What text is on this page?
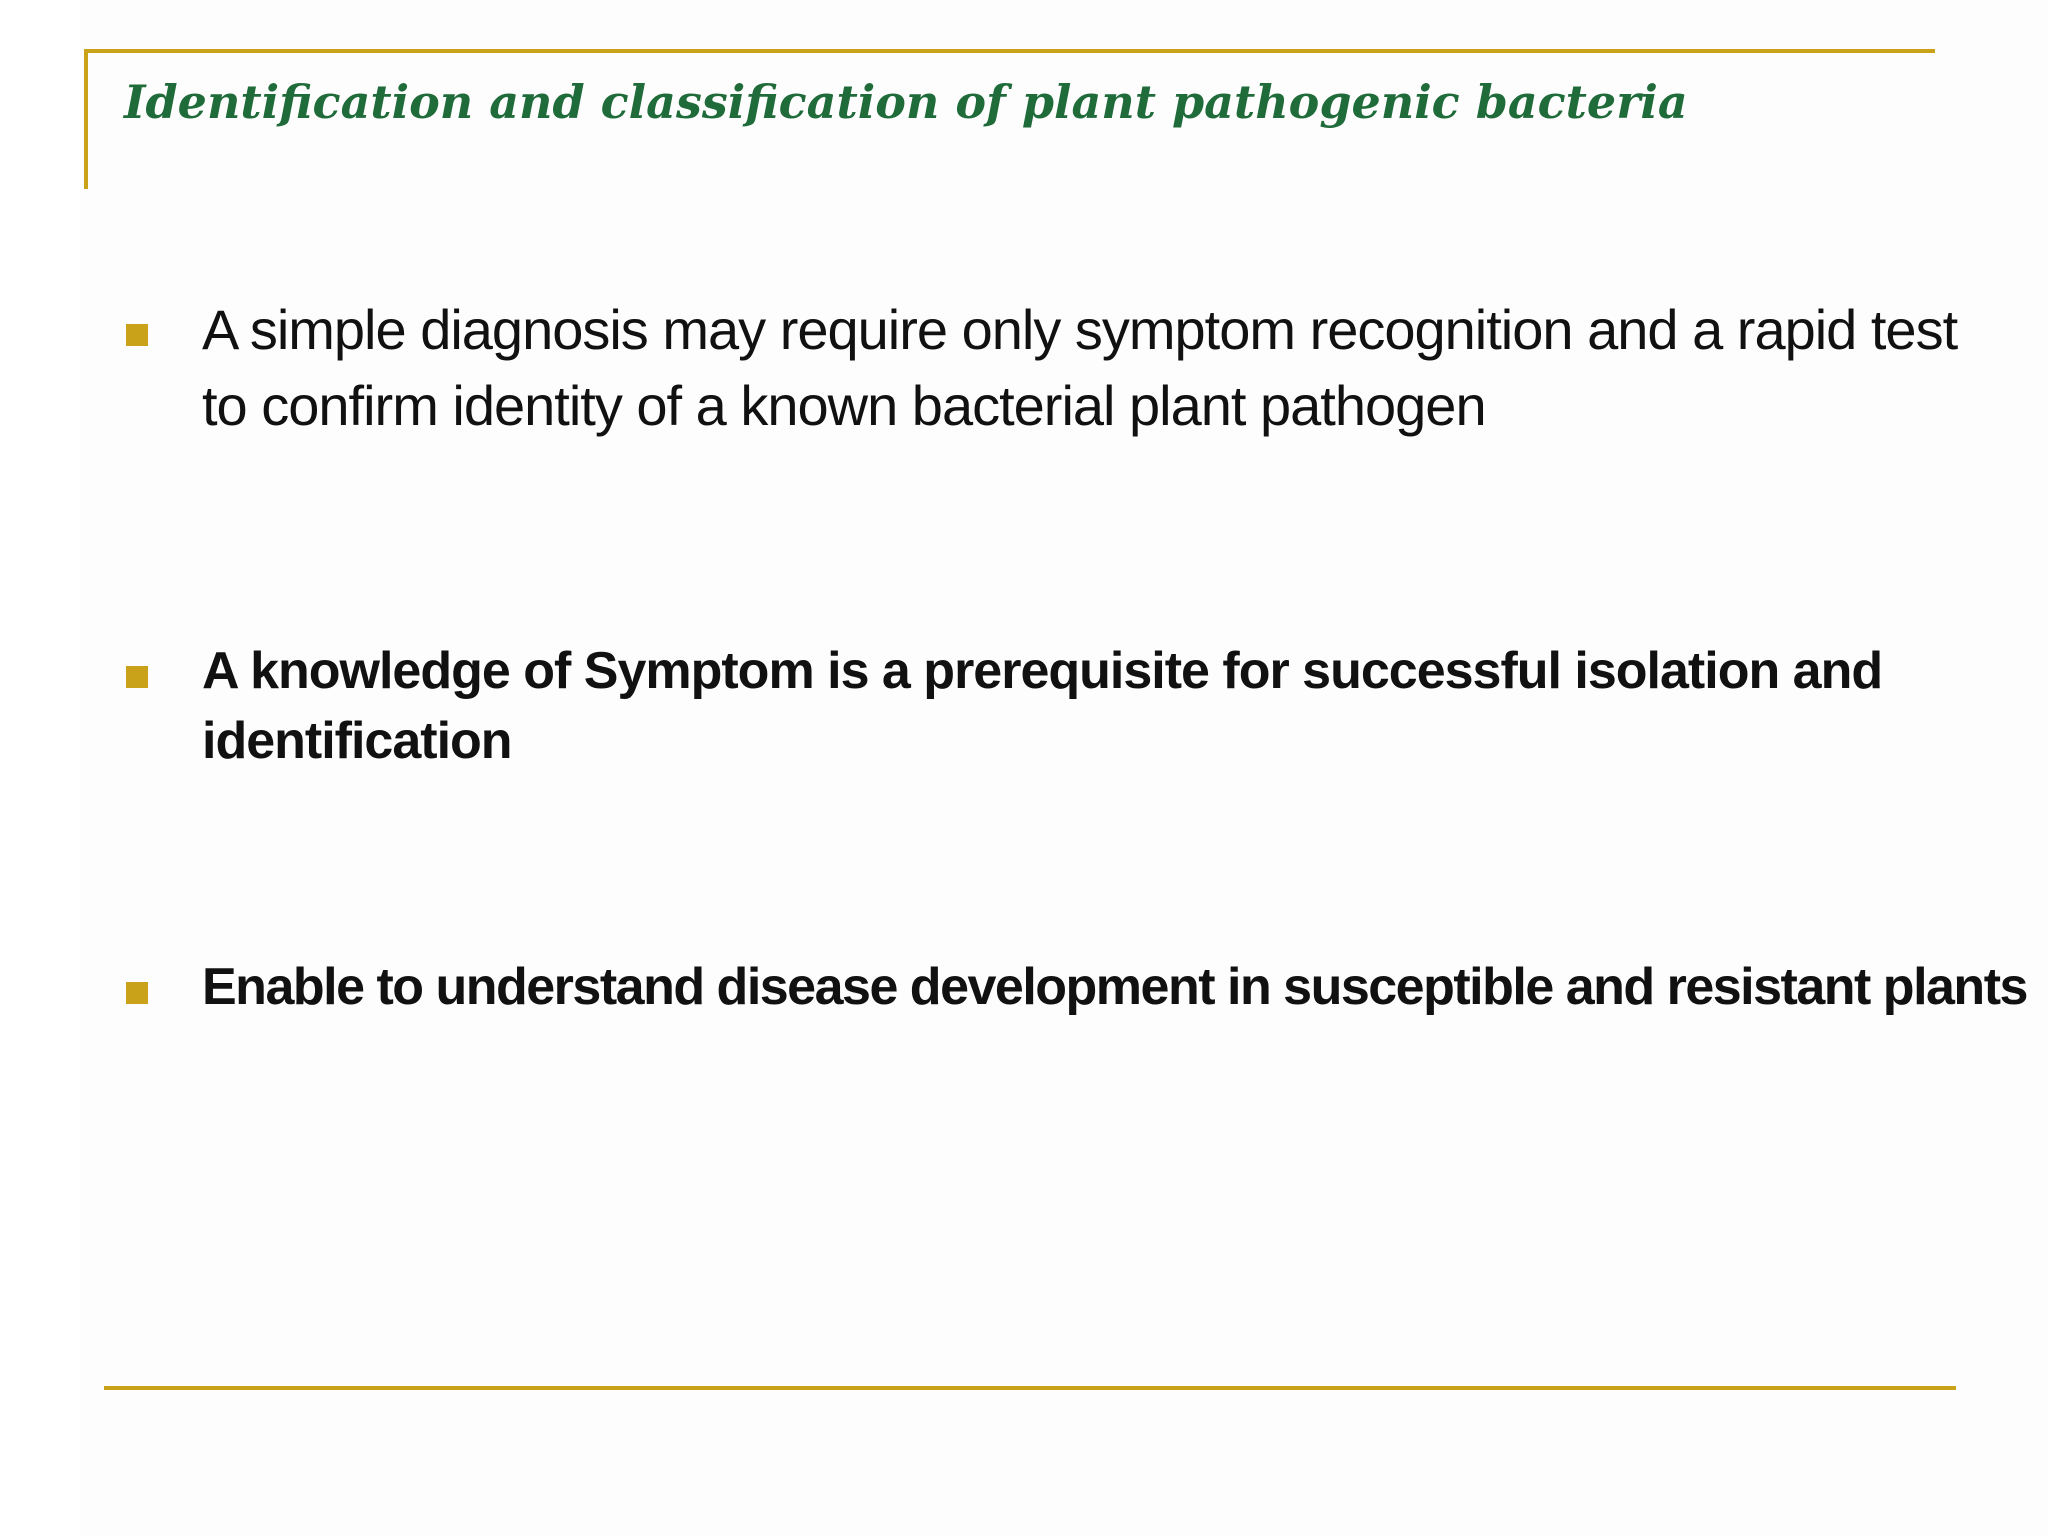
Identification and classification of plant pathogenic bacteria
A simple diagnosis may require only symptom recognition and a rapid test to confirm identity of a known bacterial plant pathogen
A knowledge of Symptom is a prerequisite for successful isolation and identification
Enable to understand disease development in susceptible and resistant plants
